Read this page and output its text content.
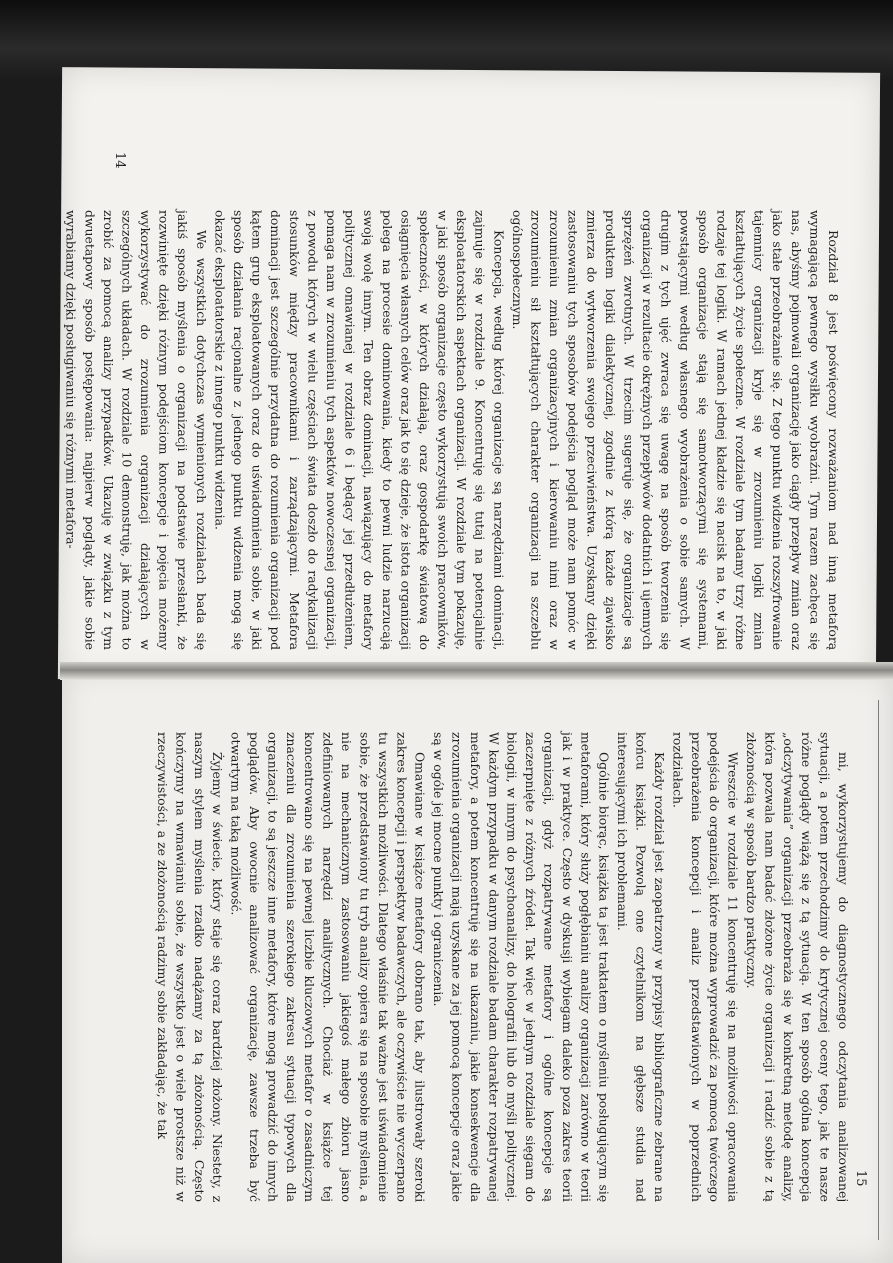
14

Rozdział 8 jest poświęcony rozważaniom nad inną metaforą wymagającą pewnego wysiłku wyobraźni. Tym razem zachęca się nas, abyśmy pojmowali organizację jako ciągły przepływ zmian oraz jako stałe przeobrażanie się. Z tego punktu widzenia rozszyfrowanie tajemnicy organizacji kryje się w zrozumieniu logiki zmian kształtujących życie społeczne. W rozdziale tym badamy trzy różne rodzaje tej logiki. W ramach jednej kładzie się nacisk na to, w jaki sposób organizacje stają się samotworzącymi się systemami, powstającymi według własnego wyobrażenia o sobie samych. W drugim z tych ujęć zwraca się uwagę na sposób tworzenia się organizacji w rezultacie okrężnych przepływów dodatnich i ujemnych sprzężeń zwrotnych. W trzecim sugeruje się, że organizacje są produktem logiki dialektycznej, zgodnie z którą każde zjawisko zmierza do wytworzenia swojego przeciwieństwa. Uzyskany dzięki zastosowaniu tych sposobów podejścia pogląd może nam pomóc w zrozumieniu zmian organizacyjnych i kierowaniu nimi oraz w zrozumieniu sił kształtujących charakter organizacji na szczeblu ogólnospołecznym.

Koncepcja, według której organizacje są narzędziami dominacji, zajmuje się w rozdziale 9. Koncentruję się tutaj na potencjalnie eksploatatorskich aspektach organizacji. W rozdziale tym pokazuję, w jaki sposób organizacje często wykorzystują swoich pracowników, społeczności, w których działają, oraz gospodarkę światową do osiągnięcia własnych celów oraz jak to się dzieje, że istota organizacji polega na procesie dominowania, kiedy to pewni ludzie narzucają swoją wolę innym. Ten obraz dominacji, nawiązujący do metafory politycznej omawianej w rozdziale 6 i będący jej przedłużeniem, pomaga nam w zrozumieniu tych aspektów nowoczesnej organizacji, z powodu których w wielu częściach świata doszło do radykalizacji stosunków między pracownikami i zarządzającymi. Metafora dominacji jest szczególnie przydatna do rozumienia organizacji pod kątem grup eksploatowanych oraz do uświadomienia sobie, w jaki sposób działania racjonalne z jednego punktu widzenia mogą się okazać eksploatatorskie z innego punktu widzenia.

We wszystkich dotychczas wymienionych rozdziałach bada się jakiś sposób myślenia o organizacji na podstawie przesłanki, że rozwinięte dzięki różnym podejściom koncepcje i pojęcia możemy wykorzystywać do zrozumienia organizacji działających w szczególnych układach. W rozdziale 10 demonstruję, jak można to zrobić za pomocą analizy przypadków. Ukazuję w związku z tym dwuetapowy sposób postępowania: najpierw poglądy, jakie sobie wyrabiamy dzięki posługiwaniu się różnymi metafora-

mi, wykorzystujemy do diagnostycznego odczytania analizowanej sytuacji, a potem przechodzimy do krytycznej oceny tego, jak te nasze różne poglądy wiążą się z tą sytuacją. W ten sposób ogólna koncepcja „odczytywania” organizacji przeobraża się w konkretną metodę analizy, która pozwala nam badać złożone życie organizacji i radzić sobie z tą złożonością w sposób bardzo praktyczny.

Wreszcie w rozdziale 11 koncentruję się na możliwości opracowania podejścia do organizacji, które można wyprowadzić za pomocą twórczego przeobrażenia koncepcji i analiz przedstawionych w poprzednich rozdziałach.

Każdy rozdział jest zaopatrzony w przypisy bibliograficzne zebrane na końcu książki. Pozwolą one czytelnikom na głębsze studia nad interesującymi ich problemami.

Ogólnie biorąc, książka ta jest traktatem o myśleniu posługującym się metaforami, który służy pogłębianiu analizy organizacji zarówno w teorii jak i w praktyce. Często w dyskusji wybiegam daleko poza zakres teorii organizacji, gdyż rozpatrywane metafory i ogólne koncepcje są zaczerpnięte z różnych źródeł. Tak więc w jednym rozdziale sięgam do biologii, w innym do psychoanalizy, do holografii lub do myśli politycznej. W każdym przypadku w danym rozdziale badam charakter rozpatrywanej metafory, a potem koncentruję się na ukazaniu, jakie konsekwencje dla zrozumienia organizacji mają uzyskane za jej pomocą koncepcje oraz jakie są w ogóle jej mocne punkty i ograniczenia.

Omawiane w książce metafory dobrano tak, aby ilustrowały szeroki zakres koncepcji i perspektyw badawczych, ale oczywiście nie wyczerpano tu wszystkich możliwości. Dlatego właśnie tak ważne jest uświadomienie sobie, że przedstawiony tu tryb analizy opiera się na sposobie myślenia, a nie na mechanicznym zastosowaniu jakiegoś małego zbioru jasno zdefiniowanych narzędzi analitycznych. Chociaż w książce tej koncentrowano się na pewnej liczbie kluczowych metafor o zasadniczym znaczeniu dla zrozumienia szerokiego zakresu sytuacji typowych dla organizacji, to są jeszcze inne metafory, które mogą prowadzić do innych poglądów. Aby owocnie analizować organizację, zawsze trzeba być otwartym na taką możliwość.

Żyjemy w świecie, który staje się coraz bardziej złożony. Niestety, z naszym stylem myślenia rzadko nadążamy za tą złożonością. Często kończymy na wmawianiu sobie, że wszystko jest o wiele prostsze niż w rzeczywistości, a ze złożonością radzimy sobie zakładając, że tak

15
